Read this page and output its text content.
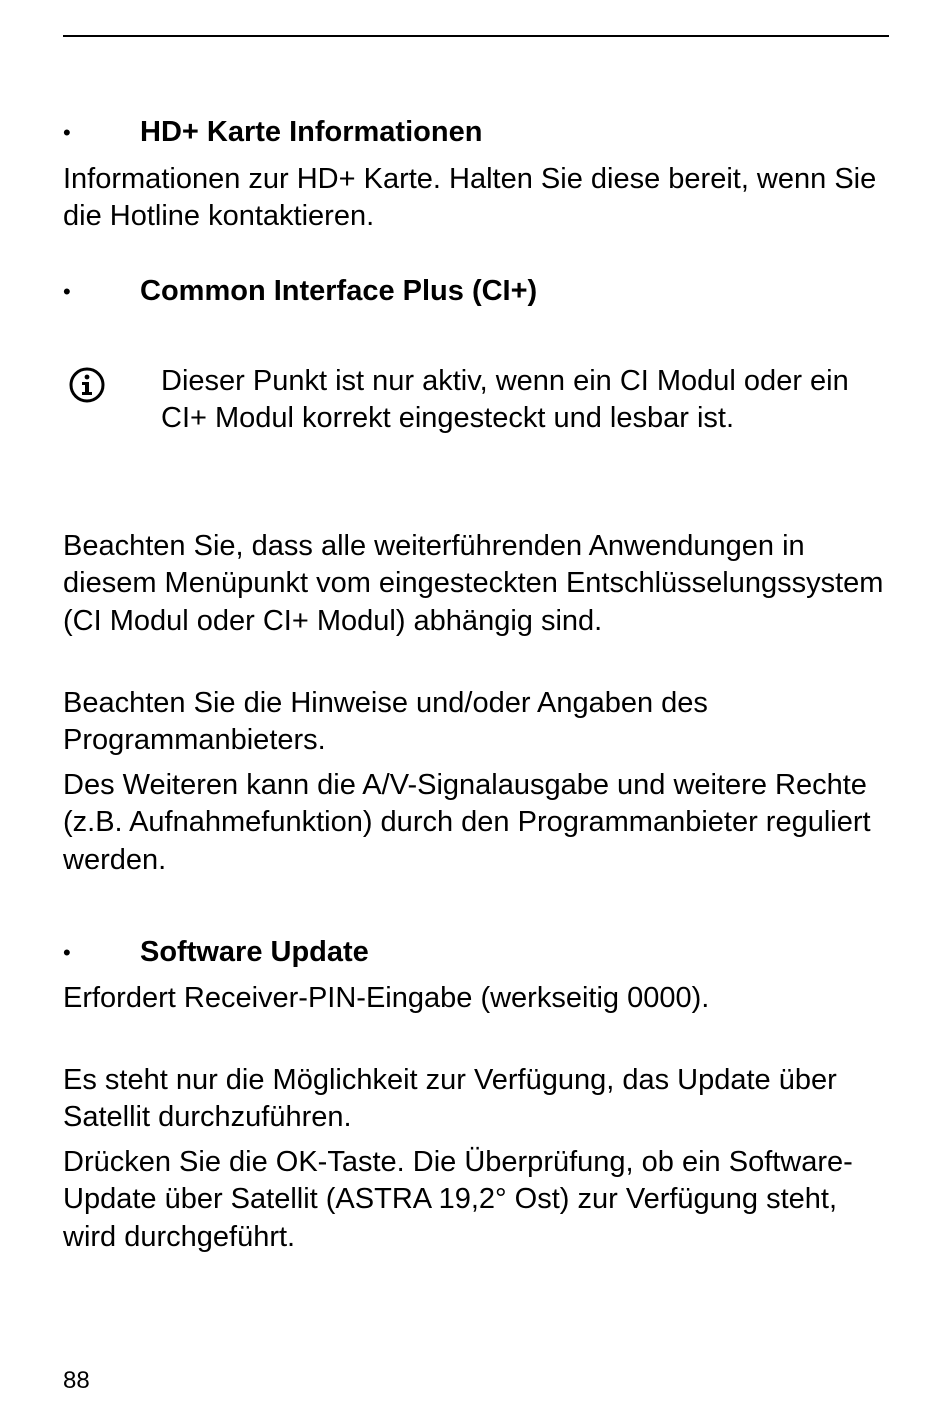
• HD+ Karte Informationen

Informationen zur HD+ Karte. Halten Sie diese bereit, wenn Sie die Hotline kontaktieren.

• Common Interface Plus (CI+)

Dieser Punkt ist nur aktiv, wenn ein CI Modul oder ein CI+ Modul korrekt eingesteckt und lesbar ist.

Beachten Sie, dass alle weiterführenden Anwendungen in diesem Menüpunkt vom eingesteckten Entschlüsselungssystem (CI Modul oder CI+ Modul) abhängig sind.

Beachten Sie die Hinweise und/oder Angaben des Programmanbieters.

Des Weiteren kann die A/V-Signalausgabe und weitere Rechte (z.B. Aufnahmefunktion) durch den Programmanbieter reguliert werden.

• Software Update

Erfordert Receiver-PIN-Eingabe (werkseitig 0000).

Es steht nur die Möglichkeit zur Verfügung, das Update über Satellit durchzuführen.

Drücken Sie die OK-Taste. Die Überprüfung, ob ein Software-Update über Satellit (ASTRA 19,2° Ost) zur Verfügung steht, wird durchgeführt.

88
